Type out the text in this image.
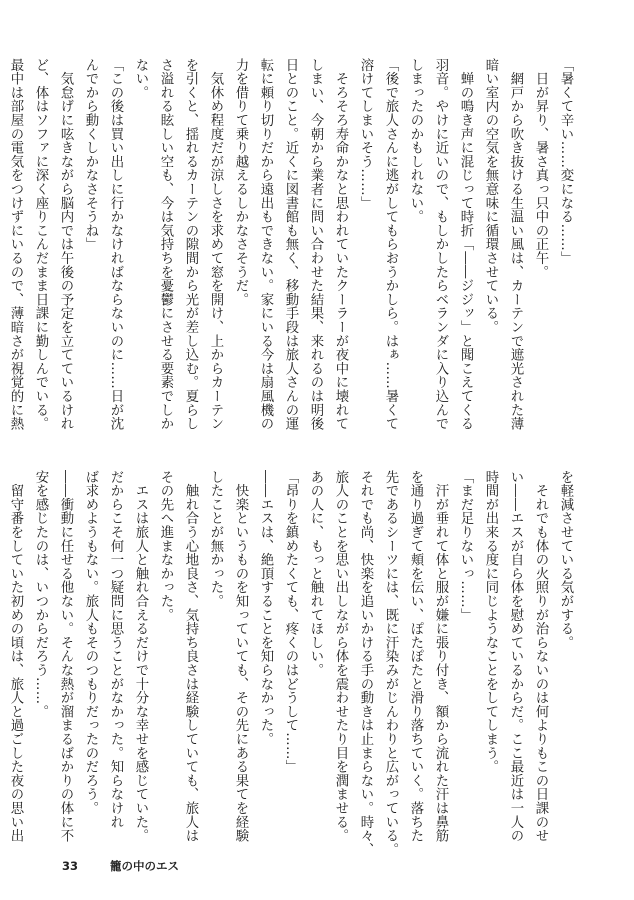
「暑くて辛い……変になる……」
　日が昇り、暑さ真っ只中の正午。
　網戸から吹き抜ける生温い風は、カーテンで遮光された薄
暗い室内の空気を無意味に循環させている。
　蝉の鳴き声に混じって時折「――ジジッ」と聞こえてくる
羽音。やけに近いので、もしかしたらベランダに入り込んで
しまったのかもしれない。
「後で旅人さんに逃がしてもらおうかしら。はぁ……暑くて
溶けてしまいそう……」
　そろそろ寿命かなと思われていたクーラーが夜中に壊れて
しまい、今朝から業者に問い合わせた結果、来れるのは明後
日とのこと。近くに図書館も無く、移動手段は旅人さんの運
転に頼り切りだから遠出もできない。家にいる今は扇風機の
力を借りて乗り越えるしかなさそうだ。
　気休め程度だが涼しさを求めて窓を開け、上からカーテン
を引くと、揺れるカーテンの隙間から光が差し込む。夏らし
さ溢れる眩しい空も、今は気持ちを憂鬱にさせる要素でしか
ない。
「この後は買い出しに行かなければならないのに……日が沈
んでから動くしかなさそうね」
　気怠げに呟きながら脳内では午後の予定を立てているけれ
ど、体はソファに深く座りこんだまま日課に勤しんでいる。
最中は部屋の電気をつけずにいるので、薄暗さが視覚的に熱
を軽減させている気がする。
　それでも体の火照りが治らないのは何よりもこの日課のせ
い――エスが自ら体を慰めているからだ。ここ最近は一人の
時間が出来る度に同じようなことをしてしまう。
「まだ足りないっ……」
　汗が垂れて体と服が嫌に張り付き、額から流れた汗は鼻筋
を通り過ぎて頬を伝い、ぽたぽたと滑り落ちていく。落ちた
先であるシーツには、既に汗染みがじんわりと広がっている。
それでも尚、快楽を追いかける手の動きは止まらない。時々、
旅人のことを思い出しながら体を震わせたり目を潤ませる。
あの人に、もっと触れてほしい。
「昂りを鎮めたくても、疼くのはどうして……」
――エスは、絶頂することを知らなかった。
　快楽というものを知っていても、その先にある果てを経験
したことが無かった。
　触れ合う心地良さ、気持ち良さは経験していても、旅人は
その先へ進まなかった。
　エスは旅人と触れ合えるだけで十分な幸せを感じていた。
だからこそ何一つ疑問に思うことがなかった。知らなけれ
ば求めようもない。旅人もそのつもりだったのだろう。
――衝動に任せる他ない。そんな熱が溜まるばかりの体に不
安を感じたのは、いつからだろう……。
　留守番をしていた初めの頃は、旅人と過ごした夜の思い出
33	籠の中のエス
